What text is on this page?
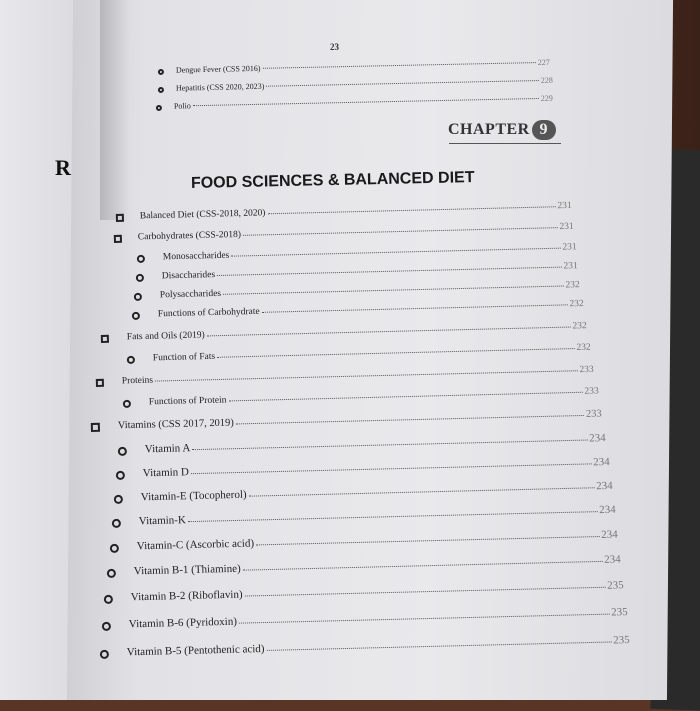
R
23
Dengue Fever (CSS 2016)
227
Hepatitis (CSS 2020, 2023)
228
Polio
229
CHAPTER 9
FOOD SCIENCES & BALANCED DIET
Balanced Diet (CSS-2018, 2020)
231
Carbohydrates (CSS-2018)
231
Monosaccharides
231
Disaccharides
231
Polysaccharides
232
Functions of Carbohydrate
232
Fats and Oils (2019)
232
Function of Fats
232
Proteins
233
Functions of Protein
233
Vitamins (CSS 2017, 2019)
233
Vitamin A
234
Vitamin D
234
Vitamin-E (Tocopherol)
234
Vitamin-K
234
Vitamin-C (Ascorbic acid)
234
Vitamin B-1 (Thiamine)
234
Vitamin B-2 (Riboflavin)
235
Vitamin B-6 (Pyridoxin)
235
Vitamin B-5 (Pentothenic acid)
235
